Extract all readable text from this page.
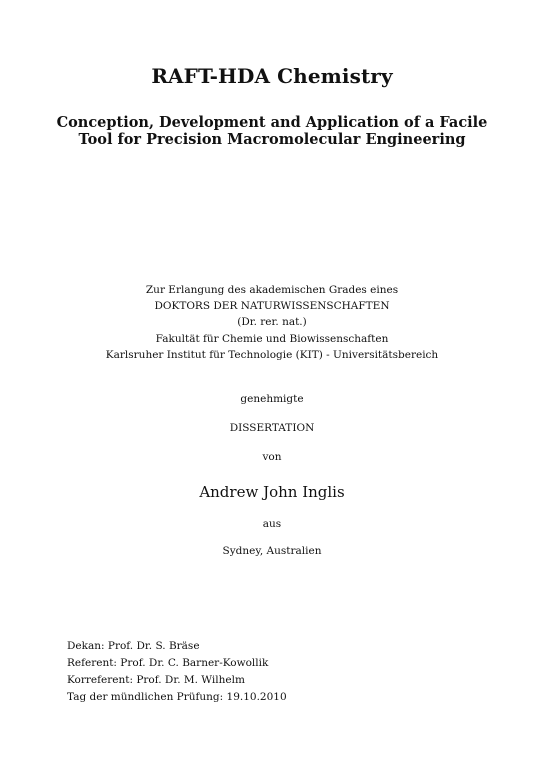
RAFT-HDA Chemistry
Conception, Development and Application of a Facile
Tool for Precision Macromolecular Engineering
Zur Erlangung des akademischen Grades eines
DOKTORS DER NATURWISSENSCHAFTEN
(Dr. rer. nat.)
Fakultät für Chemie und Biowissenschaften
Karlsruher Institut für Technologie (KIT) - Universitätsbereich
genehmigte
DISSERTATION
von
Andrew John Inglis
aus
Sydney, Australien
Dekan: Prof. Dr. S. Bräse
Referent: Prof. Dr. C. Barner-Kowollik
Korreferent: Prof. Dr. M. Wilhelm
Tag der mündlichen Prüfung: 19.10.2010
